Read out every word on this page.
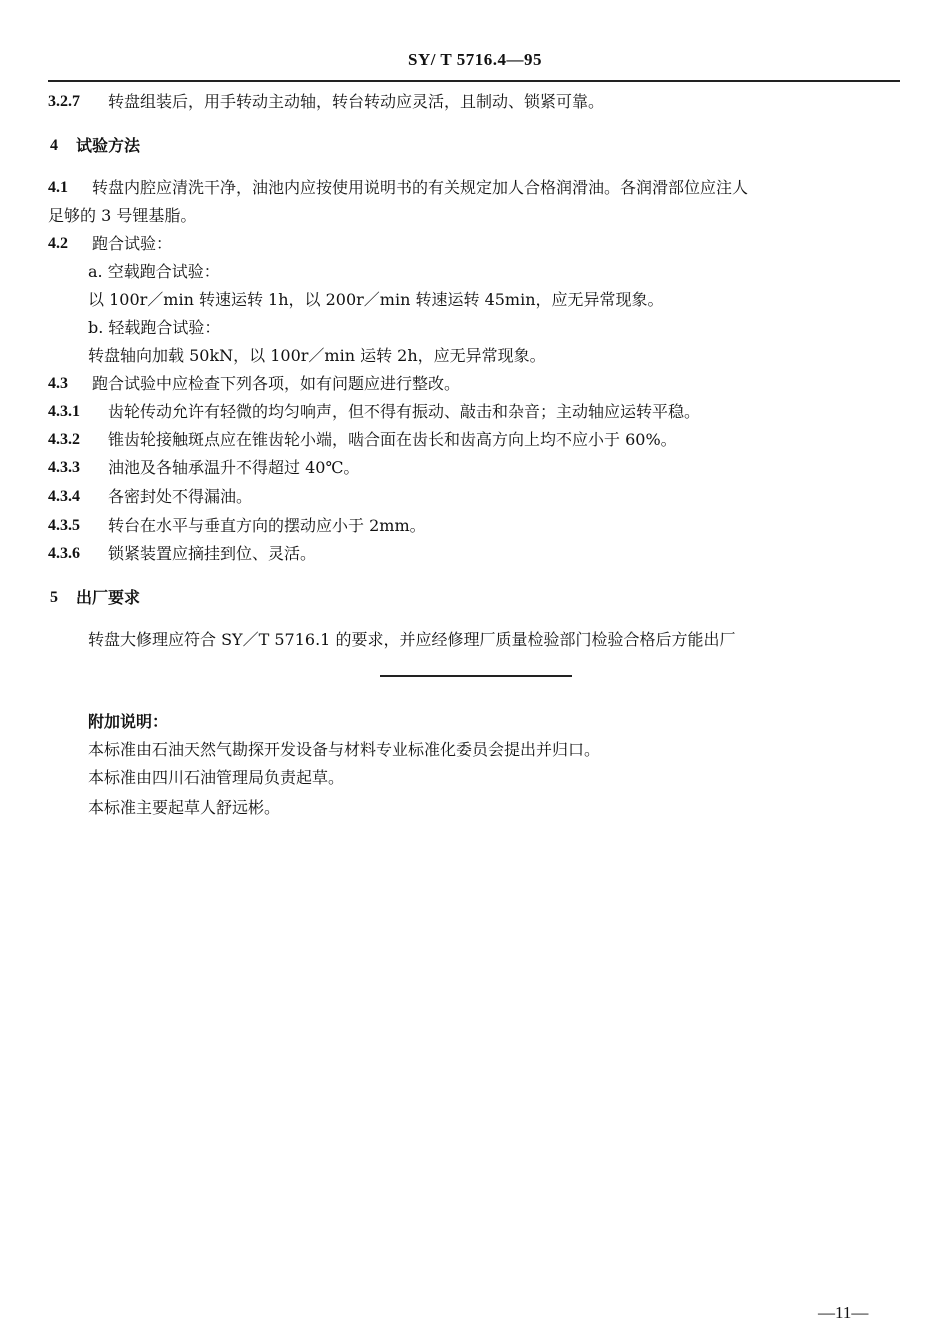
SY/ T 5716.4—95
3.2.7 转盘组装后，用手转动主动轴，转台转动应灵活，且制动、锁紧可靠。
4 试验方法
4.1 转盘内腔应清洗干净，油池内应按使用说明书的有关规定加人合格润滑油。各润滑部位应注人
足够的 3 号锂基脂。
4.2 跑合试验：
a. 空载跑合试验：
以 100r／min 转速运转 1h，以 200r／min 转速运转 45min，应无异常现象。
b. 轻载跑合试验：
转盘轴向加载 50kN，以 100r／min 运转 2h，应无异常现象。
4.3 跑合试验中应检查下列各项，如有问题应进行整改。
4.3.1 齿轮传动允许有轻微的均匀响声，但不得有振动、敲击和杂音；主动轴应运转平稳。
4.3.2 锥齿轮接触斑点应在锥齿轮小端，啮合面在齿长和齿高方向上均不应小于 60%。
4.3.3 油池及各轴承温升不得超过 40℃。
4.3.4 各密封处不得漏油。
4.3.5 转台在水平与垂直方向的摆动应小于 2mm。
4.3.6 锁紧装置应摘挂到位、灵活。
5 出厂要求
转盘大修理应符合 SY／T 5716.1 的要求，并应经修理厂质量检验部门检验合格后方能出厂
附加说明：
本标准由石油天然气勘探开发设备与材料专业标准化委员会提出并归口。
本标准由四川石油管理局负责起草。
本标准主要起草人舒远彬。
—11—
